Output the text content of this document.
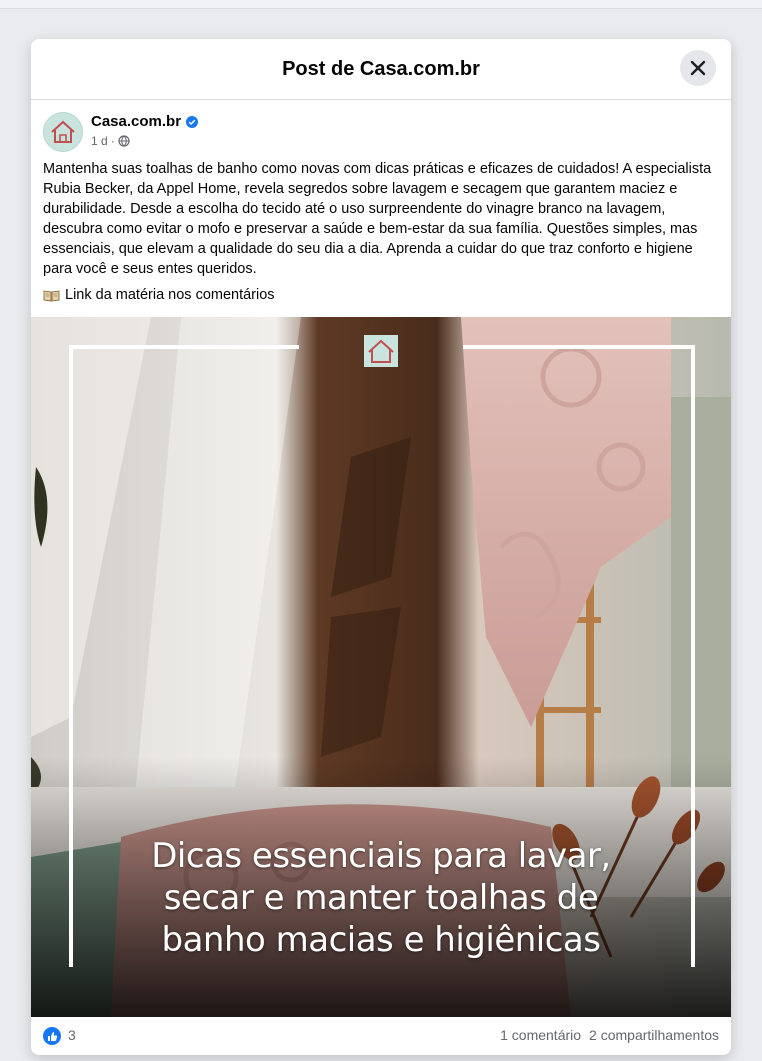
Post de Casa.com.br
Casa.com.br
1 d ·
Mantenha suas toalhas de banho como novas com dicas práticas e eficazes de cuidados! A especialista Rubia Becker, da Appel Home, revela segredos sobre lavagem e secagem que garantem maciez e durabilidade. Desde a escolha do tecido até o uso surpreendente do vinagre branco na lavagem, descubra como evitar o mofo e preservar a saúde e bem-estar da sua família. Questões simples, mas essenciais, que elevam a qualidade do seu dia a dia. Aprenda a cuidar do que traz conforto e higiene para você e seus entes queridos.
Link da matéria nos comentários
Dicas essenciais para lavar,
secar e manter toalhas de
banho macias e higiênicas
3	1 comentário 2 compartilhamentos
